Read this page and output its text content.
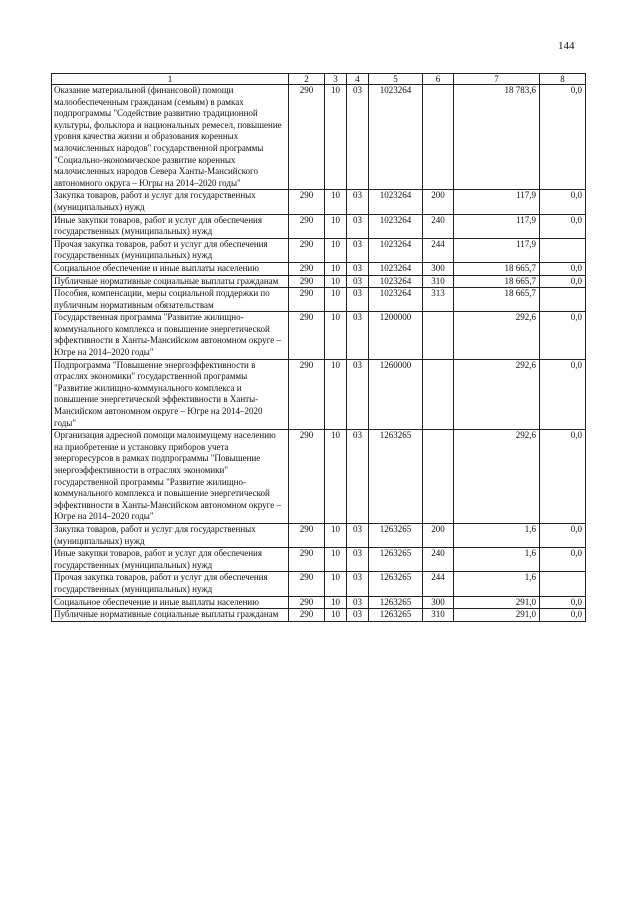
144
1	2	3	4	5	6	7	8
Оказание материальной (финансовой) помощи малообеспеченным гражданам (семьям) в рамках подпрограммы "Содействие развитию традиционной культуры, фольклора и национальных ремесел, повышение уровня качества жизни и образования коренных малочисленных народов" государственной программы "Социально-экономическое развитие коренных малочисленных народов Севера Ханты-Мансийского автономного округа – Югры на 2014–2020 годы"	290	10	03	1023264		18 783,6	0,0
Закупка товаров, работ и услуг для государственных (муниципальных) нужд	290	10	03	1023264	200	117,9	0,0
Иные закупки товаров, работ и услуг для обеспечения государственных (муниципальных) нужд	290	10	03	1023264	240	117,9	0,0
Прочая закупка товаров, работ и услуг для обеспечения государственных (муниципальных) нужд	290	10	03	1023264	244	117,9	
Социальное обеспечение и иные выплаты населению	290	10	03	1023264	300	18 665,7	0,0
Публичные нормативные социальные выплаты гражданам	290	10	03	1023264	310	18 665,7	0,0
Пособия, компенсации, меры социальной поддержки по публичным нормативным обязательствам	290	10	03	1023264	313	18 665,7	
Государственная программа "Развитие жилищно-коммунального комплекса и повышение энергетической эффективности в Ханты-Мансийском автономном округе – Югре на 2014–2020 годы"	290	10	03	1200000		292,6	0,0
Подпрограмма "Повышение энергоэффективности в отраслях экономики" государственной программы "Развитие жилищно-коммунального комплекса и повышение энергетической эффективности в Ханты-Мансийском автономном округе – Югре на 2014–2020 годы"	290	10	03	1260000		292,6	0,0
Организация адресной помощи малоимущему населению на приобретение и установку приборов учета энергоресурсов в рамках подпрограммы "Повышение энергоэффективности в отраслях экономики" государственной программы "Развитие жилищно-коммунального комплекса и повышение энергетической эффективности в Ханты-Мансийском автономном округе – Югре на 2014–2020 годы"	290	10	03	1263265		292,6	0,0
Закупка товаров, работ и услуг для государственных (муниципальных) нужд	290	10	03	1263265	200	1,6	0,0
Иные закупки товаров, работ и услуг для обеспечения государственных (муниципальных) нужд	290	10	03	1263265	240	1,6	0,0
Прочая закупка товаров, работ и услуг для обеспечения государственных (муниципальных) нужд	290	10	03	1263265	244	1,6	
Социальное обеспечение и иные выплаты населению	290	10	03	1263265	300	291,0	0,0
Публичные нормативные социальные выплаты гражданам	290	10	03	1263265	310	291,0	0,0
